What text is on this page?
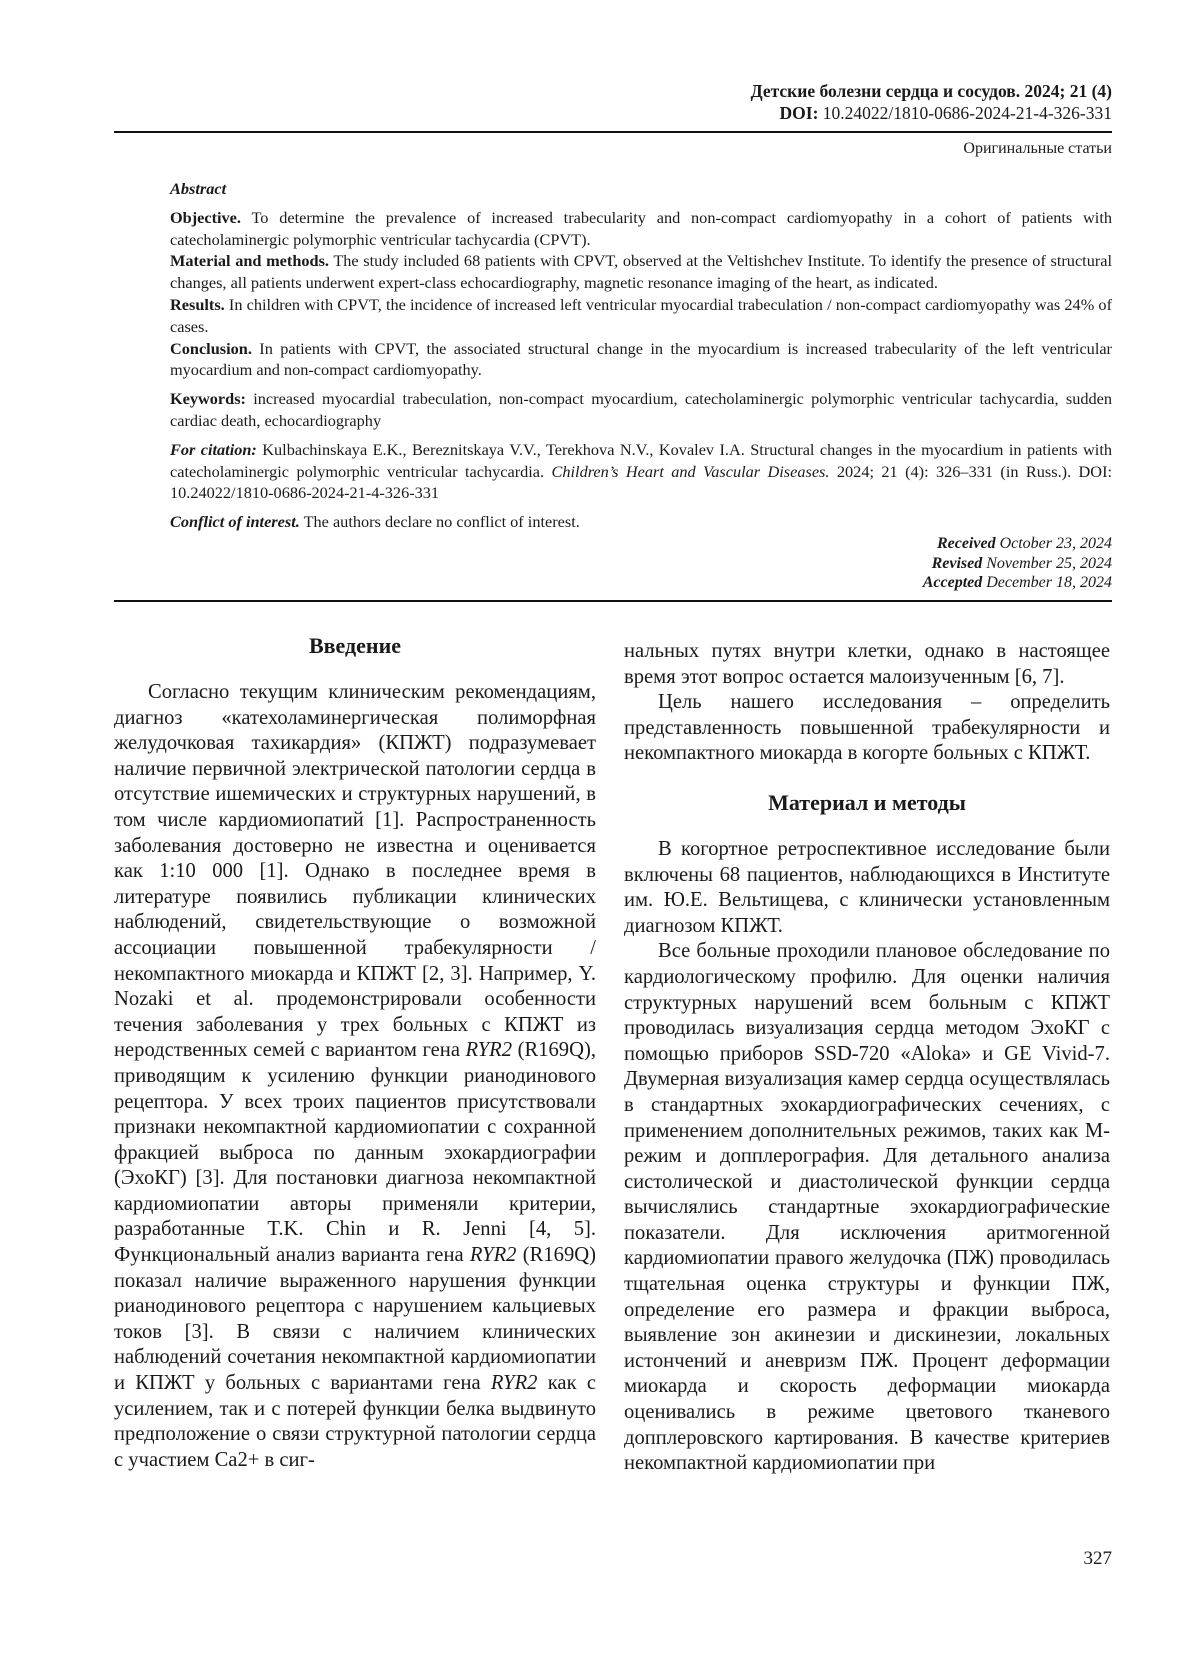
Детские болезни сердца и сосудов. 2024; 21 (4)
DOI: 10.24022/1810-0686-2024-21-4-326-331
Оригинальные статьи

Abstract

Objective. To determine the prevalence of increased trabecularity and non-compact cardiomyopathy in a cohort of patients with catecholaminergic polymorphic ventricular tachycardia (CPVT).

Material and methods. The study included 68 patients with CPVT, observed at the Veltishchev Institute. To identify the presence of structural changes, all patients underwent expert-class echocardiography, magnetic resonance imaging of the heart, as indicated.

Results. In children with CPVT, the incidence of increased left ventricular myocardial trabeculation / non-compact cardiomyopathy was 24% of cases.

Conclusion. In patients with CPVT, the associated structural change in the myocardium is increased trabecularity of the left ventricular myocardium and non-compact cardiomyopathy.

Keywords: increased myocardial trabeculation, non-compact myocardium, catecholaminergic polymorphic ventricular tachycardia, sudden cardiac death, echocardiography

For citation: Kulbachinskaya E.K., Bereznitskaya V.V., Terekhova N.V., Kovalev I.A. Structural changes in the myocardium in patients with catecholaminergic polymorphic ventricular tachycardia. Children’s Heart and Vascular Diseases. 2024; 21 (4): 326–331 (in Russ.). DOI: 10.24022/1810-0686-2024-21-4-326-331

Conflict of interest. The authors declare no conflict of interest.

Received October 23, 2024
Revised November 25, 2024
Accepted December 18, 2024
Введение

Согласно текущим клиническим рекомендациям, диагноз «катехоламинергическая полиморфная желудочковая тахикардия» (КПЖТ) подразумевает наличие первичной электрической патологии сердца в отсутствие ишемических и структурных нарушений, в том числе кардиомиопатий [1]. Распространенность заболевания достоверно не известна и оценивается как 1:10 000 [1]. Однако в последнее время в литературе появились публикации клинических наблюдений, свидетельствующие о возможной ассоциации повышенной трабекулярности / некомпактного миокарда и КПЖТ [2, 3]. Например, Y. Nozaki et al. продемонстрировали особенности течения заболевания у трех больных с КПЖТ из неродственных семей с вариантом гена RYR2 (R169Q), приводящим к усилению функции рианодинового рецептора. У всех троих пациентов присутствовали признаки некомпактной кардиомиопатии с сохранной фракцией выброса по данным эхокардиографии (ЭхоКГ) [3]. Для постановки диагноза некомпактной кардиомиопатии авторы применяли критерии, разработанные T.K. Chin и R. Jenni [4, 5]. Функциональный анализ варианта гена RYR2 (R169Q) показал наличие выраженного нарушения функции рианодинового рецептора с нарушением кальциевых токов [3]. В связи с наличием клинических наблюдений сочетания некомпактной кардиомиопатии и КПЖТ у больных с вариантами гена RYR2 как с усилением, так и с потерей функции белка выдвинуто предположение о связи структурной патологии сердца с участием Ca2+ в сиг-

нальных путях внутри клетки, однако в настоящее время этот вопрос остается малоизученным [6, 7].

Цель нашего исследования – определить представленность повышенной трабекулярности и некомпактного миокарда в когорте больных с КПЖТ.

Материал и методы

В когортное ретроспективное исследование были включены 68 пациентов, наблюдающихся в Институте им. Ю.Е. Вельтищева, с клинически установленным диагнозом КПЖТ.

Все больные проходили плановое обследование по кардиологическому профилю. Для оценки наличия структурных нарушений всем больным с КПЖТ проводилась визуализация сердца методом ЭхоКГ с помощью приборов SSD-720 «Aloka» и GE Vivid-7. Двумерная визуализация камер сердца осуществлялась в стандартных эхокардиографических сечениях, с применением дополнительных режимов, таких как М-режим и допплерография. Для детального анализа систолической и диастолической функции сердца вычислялись стандартные эхокардиографические показатели. Для исключения аритмогенной кардиомиопатии правого желудочка (ПЖ) проводилась тщательная оценка структуры и функции ПЖ, определение его размера и фракции выброса, выявление зон акинезии и дискинезии, локальных истончений и аневризм ПЖ. Процент деформации миокарда и скорость деформации миокарда оценивались в режиме цветового тканевого допплеровского картирования. В качестве критериев некомпактной кардиомиопатии при

327
